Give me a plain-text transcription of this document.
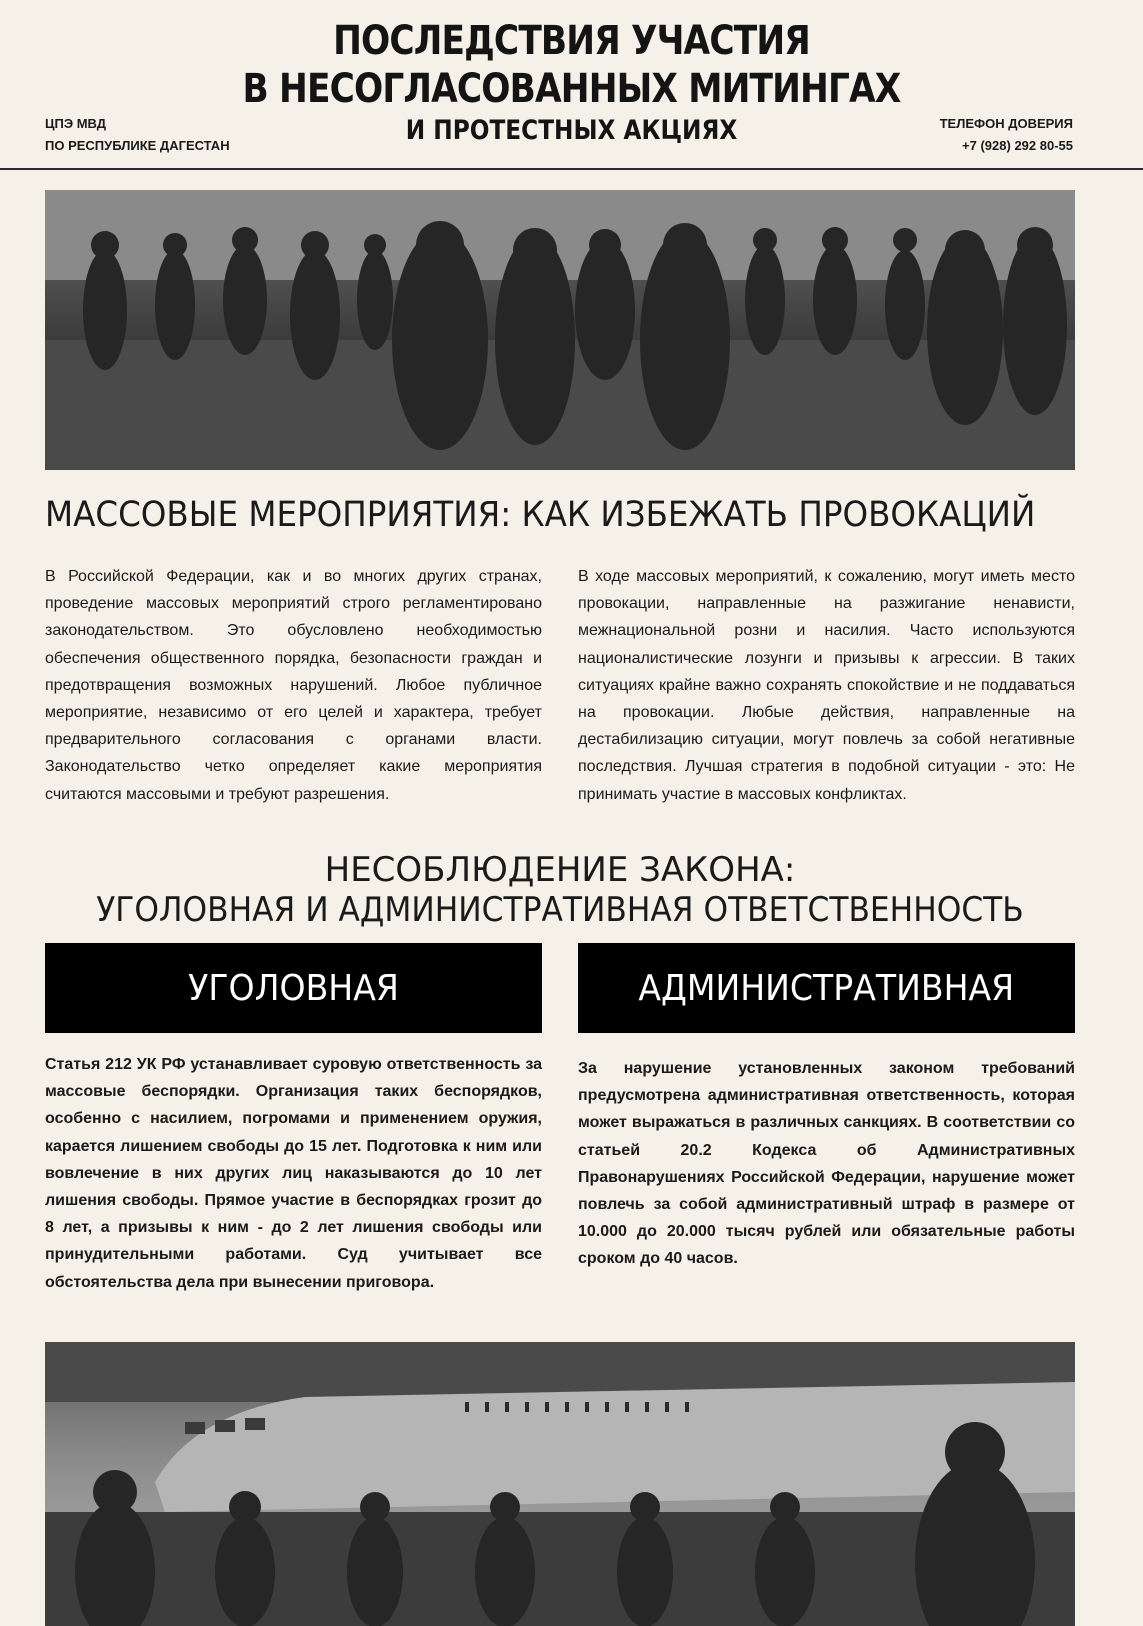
ПОСЛЕДСТВИЯ УЧАСТИЯ
В НЕСОГЛАСОВАННЫХ МИТИНГАХ
И ПРОТЕСТНЫХ АКЦИЯХ
ЦПЭ МВД
ПО РЕСПУБЛИКЕ ДАГЕСТАН
ТЕЛЕФОН ДОВЕРИЯ
+7 (928) 292 80-55
МАССОВЫЕ МЕРОПРИЯТИЯ: КАК ИЗБЕЖАТЬ ПРОВОКАЦИЙ
В Российской Федерации, как и во многих других странах, проведение массовых мероприятий строго регламентировано законодательством. Это обусловлено необходимостью обеспечения общественного порядка, безопасности граждан и предотвращения возможных нарушений. Любое публичное мероприятие, независимо от его целей и характера, требует предварительного согласования с органами власти. Законодательство четко определяет какие мероприятия считаются массовыми и требуют разрешения.
В ходе массовых мероприятий, к сожалению, могут иметь место провокации, направленные на разжигание ненависти, межнациональной розни и насилия. Часто используются националистические лозунги и призывы к агрессии. В таких ситуациях крайне важно сохранять спокойствие и не поддаваться на провокации. Любые действия, направленные на дестабилизацию ситуации, могут повлечь за собой негативные последствия. Лучшая стратегия в подобной ситуации - это: Не принимать участие в массовых конфликтах.
НЕСОБЛЮДЕНИЕ ЗАКОНА:
УГОЛОВНАЯ И АДМИНИСТРАТИВНАЯ ОТВЕТСТВЕННОСТЬ
УГОЛОВНАЯ	АДМИНИСТРАТИВНАЯ
Статья 212 УК РФ устанавливает суровую ответственность за массовые беспорядки. Организация таких беспорядков, особенно с насилием, погромами и применением оружия, карается лишением свободы до 15 лет. Подготовка к ним или вовлечение в них других лиц наказываются до 10 лет лишения свободы. Прямое участие в беспорядках грозит до 8 лет, а призывы к ним - до 2 лет лишения свободы или принудительными работами. Суд учитывает все обстоятельства дела при вынесении приговора.
За нарушение установленных законом требований предусмотрена административная ответственность, которая может выражаться в различных санкциях. В соответствии со статьей 20.2 Кодекса об Административных Правонарушениях Российской Федерации, нарушение может повлечь за собой административный штраф в размере от 10.000 до 20.000 тысяч рублей или обязательные работы сроком до 40 часов.
